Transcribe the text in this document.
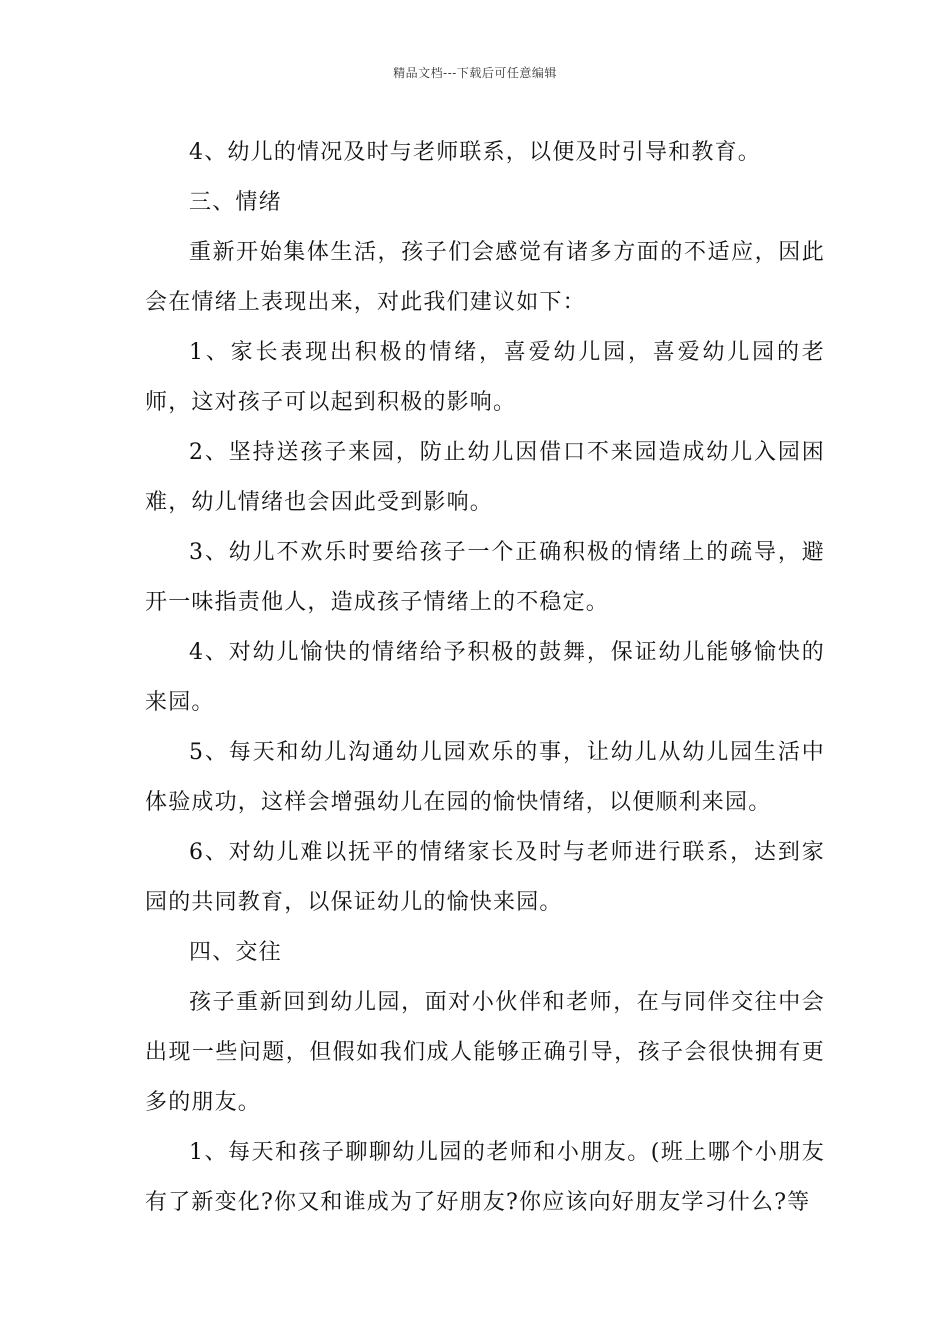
精品文档---下载后可任意编辑

4、幼儿的情况及时与老师联系，以便及时引导和教育。

三、情绪

重新开始集体生活，孩子们会感觉有诸多方面的不适应，因此会在情绪上表现出来，对此我们建议如下：

1、家长表现出积极的情绪，喜爱幼儿园，喜爱幼儿园的老师，这对孩子可以起到积极的影响。

2、坚持送孩子来园，防止幼儿因借口不来园造成幼儿入园困难，幼儿情绪也会因此受到影响。

3、幼儿不欢乐时要给孩子一个正确积极的情绪上的疏导，避开一味指责他人，造成孩子情绪上的不稳定。

4、对幼儿愉快的情绪给予积极的鼓舞，保证幼儿能够愉快的来园。

5、每天和幼儿沟通幼儿园欢乐的事，让幼儿从幼儿园生活中体验成功，这样会增强幼儿在园的愉快情绪，以便顺利来园。

6、对幼儿难以抚平的情绪家长及时与老师进行联系，达到家园的共同教育，以保证幼儿的愉快来园。

四、交往

孩子重新回到幼儿园，面对小伙伴和老师，在与同伴交往中会出现一些问题，但假如我们成人能够正确引导，孩子会很快拥有更多的朋友。

1、每天和孩子聊聊幼儿园的老师和小朋友。(班上哪个小朋友有了新变化?你又和谁成为了好朋友?你应该向好朋友学习什么?等
